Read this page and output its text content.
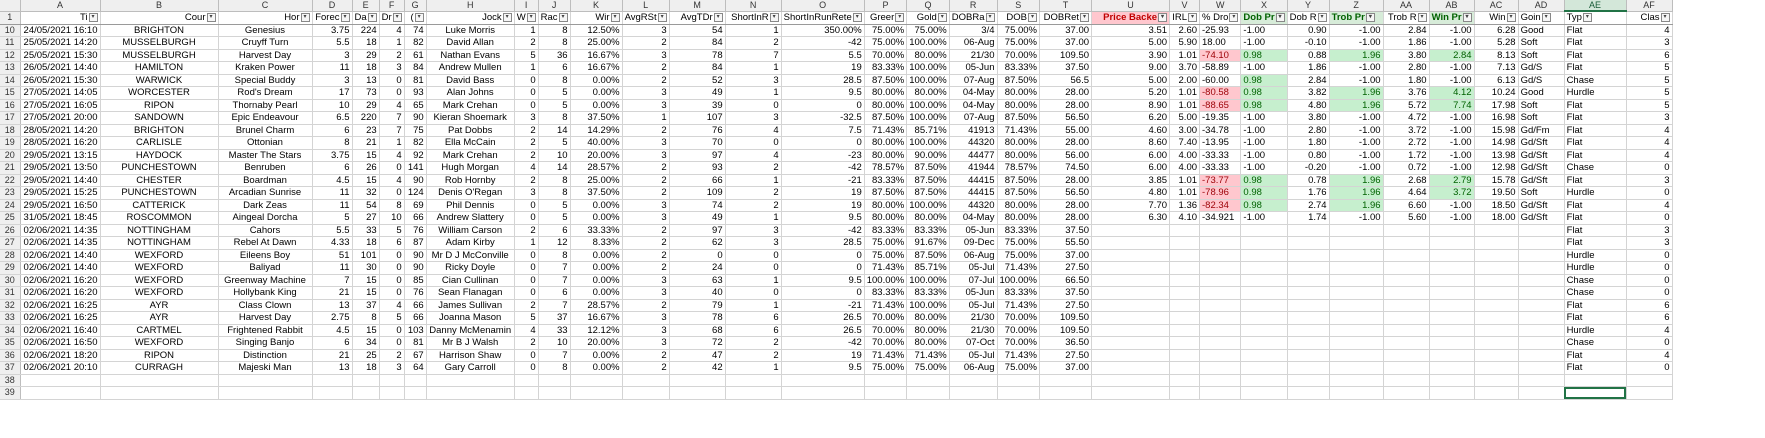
	A	B	C	D	E	F	G	H	I	J	K	L	M	N	O	P	Q	R	S	T	U	V	W	X	Y	Z	AA	AB	AC	AD	AE	AF
1	Ti ▾	Cour ▾	Hor ▾	Forec ▾	Da ▾	Dr ▾	( ▾	Jock ▾	W ▾	Rac ▾	Wir ▾	AvgRSt ▾	AvgTDr ▾	ShortInR ▾	ShortInRunRete ▾	Greer ▾	Gold ▾	DOBRa ▾	DOB ▾	DOBRet ▾	Price Backe ▾	IRL ▾	% Dro ▾	Dob Pr ▾	Dob R ▾	Trob Pr ▾	Trob R ▾	Win Pr ▾	Win ▾	Goin ▾	Typ ▾	Clas ▾
10	24/05/2021 16:10	BRIGHTON	Genesius	3.75	224	4	74	Luke Morris	1	8	12.50%	3	54	1	350.00%	75.00%	75.00%	3/4	75.00%	37.00	3.51	2.60	-25.93	-1.00	0.90	-1.00	2.84	-1.00	6.28	Good	Flat	4
11	25/05/2021 14:20	MUSSELBURGH	Cruyff Turn	5.5	18	1	82	David Allan	2	8	25.00%	2	84	2	-42	75.00%	100.00%	06-Aug	75.00%	37.00	5.00	5.90	18.00	-1.00	-0.10	-1.00	1.86	-1.00	5.28	Soft	Flat	3
12	25/05/2021 15:30	MUSSELBURGH	Harvest Day	3	29	2	61	Nathan Evans	5	36	16.67%	3	78	7	5.5	70.00%	80.00%	21/30	70.00%	109.50	3.90	1.01	-74.10	0.98	0.88	1.96	3.80	2.84	8.13	Soft	Flat	6
13	26/05/2021 14:40	HAMILTON	Kraken Power	11	18	3	84	Andrew Mullen	1	6	16.67%	2	84	1	19	83.33%	100.00%	05-Jun	83.33%	37.50	9.00	3.70	-58.89	-1.00	1.86	-1.00	2.80	-1.00	7.13	Gd/S	Flat	5
14	26/05/2021 15:30	WARWICK	Special Buddy	3	13	0	81	David Bass	0	8	0.00%	2	52	3	28.5	87.50%	100.00%	07-Aug	87.50%	56.5	5.00	2.00	-60.00	0.98	2.84	-1.00	1.80	-1.00	6.13	Gd/S	Chase	5
15	27/05/2021 14:05	WORCESTER	Rod's Dream	17	73	0	93	Alan Johns	0	5	0.00%	3	49	1	9.5	80.00%	80.00%	04-May	80.00%	28.00	5.20	1.01	-80.58	0.98	3.82	1.96	3.76	4.12	10.24	Good	Hurdle	5
16	27/05/2021 16:05	RIPON	Thornaby Pearl	10	29	4	65	Mark Crehan	0	5	0.00%	3	39	0	0	80.00%	100.00%	04-May	80.00%	28.00	8.90	1.01	-88.65	0.98	4.80	1.96	5.72	7.74	17.98	Soft	Flat	5
17	27/05/2021 20:00	SANDOWN	Epic Endeavour	6.5	220	7	90	Kieran Shoemark	3	8	37.50%	1	107	3	-32.5	87.50%	100.00%	07-Aug	87.50%	56.50	6.20	5.00	-19.35	-1.00	3.80	-1.00	4.72	-1.00	16.98	Soft	Flat	3
18	28/05/2021 14:20	BRIGHTON	Brunel Charm	6	23	7	75	Pat Dobbs	2	14	14.29%	2	76	4	7.5	71.43%	85.71%	41913	71.43%	55.00	4.60	3.00	-34.78	-1.00	2.80	-1.00	3.72	-1.00	15.98	Gd/Fm	Flat	4
19	28/05/2021 16:20	CARLISLE	Ottonian	8	21	1	82	Ella McCain	2	5	40.00%	3	70	0	0	80.00%	100.00%	44320	80.00%	28.00	8.60	7.40	-13.95	-1.00	1.80	-1.00	2.72	-1.00	14.98	Gd/Sft	Flat	4
20	29/05/2021 13:15	HAYDOCK	Master The Stars	3.75	15	4	92	Mark Crehan	2	10	20.00%	3	97	4	-23	80.00%	90.00%	44477	80.00%	56.00	6.00	4.00	-33.33	-1.00	0.80	-1.00	1.72	-1.00	13.98	Gd/Sft	Flat	4
21	29/05/2021 13:50	PUNCHESTOWN	Benruben	6	26	0	141	Hugh Morgan	4	14	28.57%	2	93	2	-42	78.57%	87.50%	41944	78.57%	74.50	6.00	4.00	-33.33	-1.00	-0.20	-1.00	0.72	-1.00	12.98	Gd/Sft	Chase	0
22	29/05/2021 14:40	CHESTER	Boardman	4.5	15	4	90	Rob Hornby	2	8	25.00%	2	66	1	-21	83.33%	87.50%	44415	87.50%	28.00	3.85	1.01	-73.77	0.98	0.78	1.96	2.68	2.79	15.78	Gd/Sft	Flat	3
23	29/05/2021 15:25	PUNCHESTOWN	Arcadian Sunrise	11	32	0	124	Denis O'Regan	3	8	37.50%	2	109	2	19	87.50%	87.50%	44415	87.50%	56.50	4.80	1.01	-78.96	0.98	1.76	1.96	4.64	3.72	19.50	Soft	Hurdle	0
24	29/05/2021 16:50	CATTERICK	Dark Zeas	11	54	8	69	Phil Dennis	0	5	0.00%	3	74	2	19	80.00%	100.00%	44320	80.00%	28.00	7.70	1.36	-82.34	0.98	2.74	1.96	6.60	-1.00	18.50	Gd/Sft	Flat	4
25	31/05/2021 18:45	ROSCOMMON	Aingeal Dorcha	5	27	10	66	Andrew Slattery	0	5	0.00%	3	49	1	9.5	80.00%	80.00%	04-May	80.00%	28.00	6.30	4.10	-34.921	-1.00	1.74	-1.00	5.60	-1.00	18.00	Gd/Sft	Flat	0
26	02/06/2021 14:35	NOTTINGHAM	Cahors	5.5	33	5	76	William Carson	2	6	33.33%	2	97	3	-42	83.33%	83.33%	05-Jun	83.33%	37.50											Flat	3
27	02/06/2021 14:35	NOTTINGHAM	Rebel At Dawn	4.33	18	6	87	Adam Kirby	1	12	8.33%	2	62	3	28.5	75.00%	91.67%	09-Dec	75.00%	55.50											Flat	3
28	02/06/2021 14:40	WEXFORD	Eileens Boy	51	101	0	90	Mr D J McConville	0	8	0.00%	2	0	0	0	75.00%	87.50%	06-Aug	75.00%	37.00											Hurdle	0
29	02/06/2021 14:40	WEXFORD	Baliyad	11	30	0	90	Ricky Doyle	0	7	0.00%	2	24	0	0	71.43%	85.71%	05-Jul	71.43%	27.50											Hurdle	0
30	02/06/2021 16:20	WEXFORD	Greenway Machine	7	15	0	85	Cian Cullinan	0	7	0.00%	3	63	1	9.5	100.00%	100.00%	07-Jul	100.00%	66.50											Chase	0
31	02/06/2021 16:20	WEXFORD	Hollybank King	21	15	0	76	Sean Flanagan	0	6	0.00%	3	40	0	0	83.33%	83.33%	05-Jun	83.33%	37.50											Chase	0
32	02/06/2021 16:25	AYR	Class Clown	13	37	4	66	James Sullivan	2	7	28.57%	2	79	1	-21	71.43%	100.00%	05-Jul	71.43%	27.50											Flat	6
33	02/06/2021 16:25	AYR	Harvest Day	2.75	8	5	66	Joanna Mason	5	37	16.67%	3	78	6	26.5	70.00%	80.00%	21/30	70.00%	109.50											Flat	6
34	02/06/2021 16:40	CARTMEL	Frightened Rabbit	4.5	15	0	103	Danny McMenamin	4	33	12.12%	3	68	6	26.5	70.00%	80.00%	21/30	70.00%	109.50											Hurdle	4
35	02/06/2021 16:50	WEXFORD	Singing Banjo	6	34	0	81	Mr B J Walsh	2	10	20.00%	3	72	2	-42	70.00%	80.00%	07-Oct	70.00%	36.50											Chase	0
36	02/06/2021 18:20	RIPON	Distinction	21	25	2	67	Harrison Shaw	0	7	0.00%	2	47	2	19	71.43%	71.43%	05-Jul	71.43%	27.50											Flat	4
37	02/06/2021 20:10	CURRAGH	Majeski Man	13	18	3	64	Gary Carroll	0	8	0.00%	2	42	1	9.5	75.00%	75.00%	06-Aug	75.00%	37.00											Flat	0
38																																
39																																
